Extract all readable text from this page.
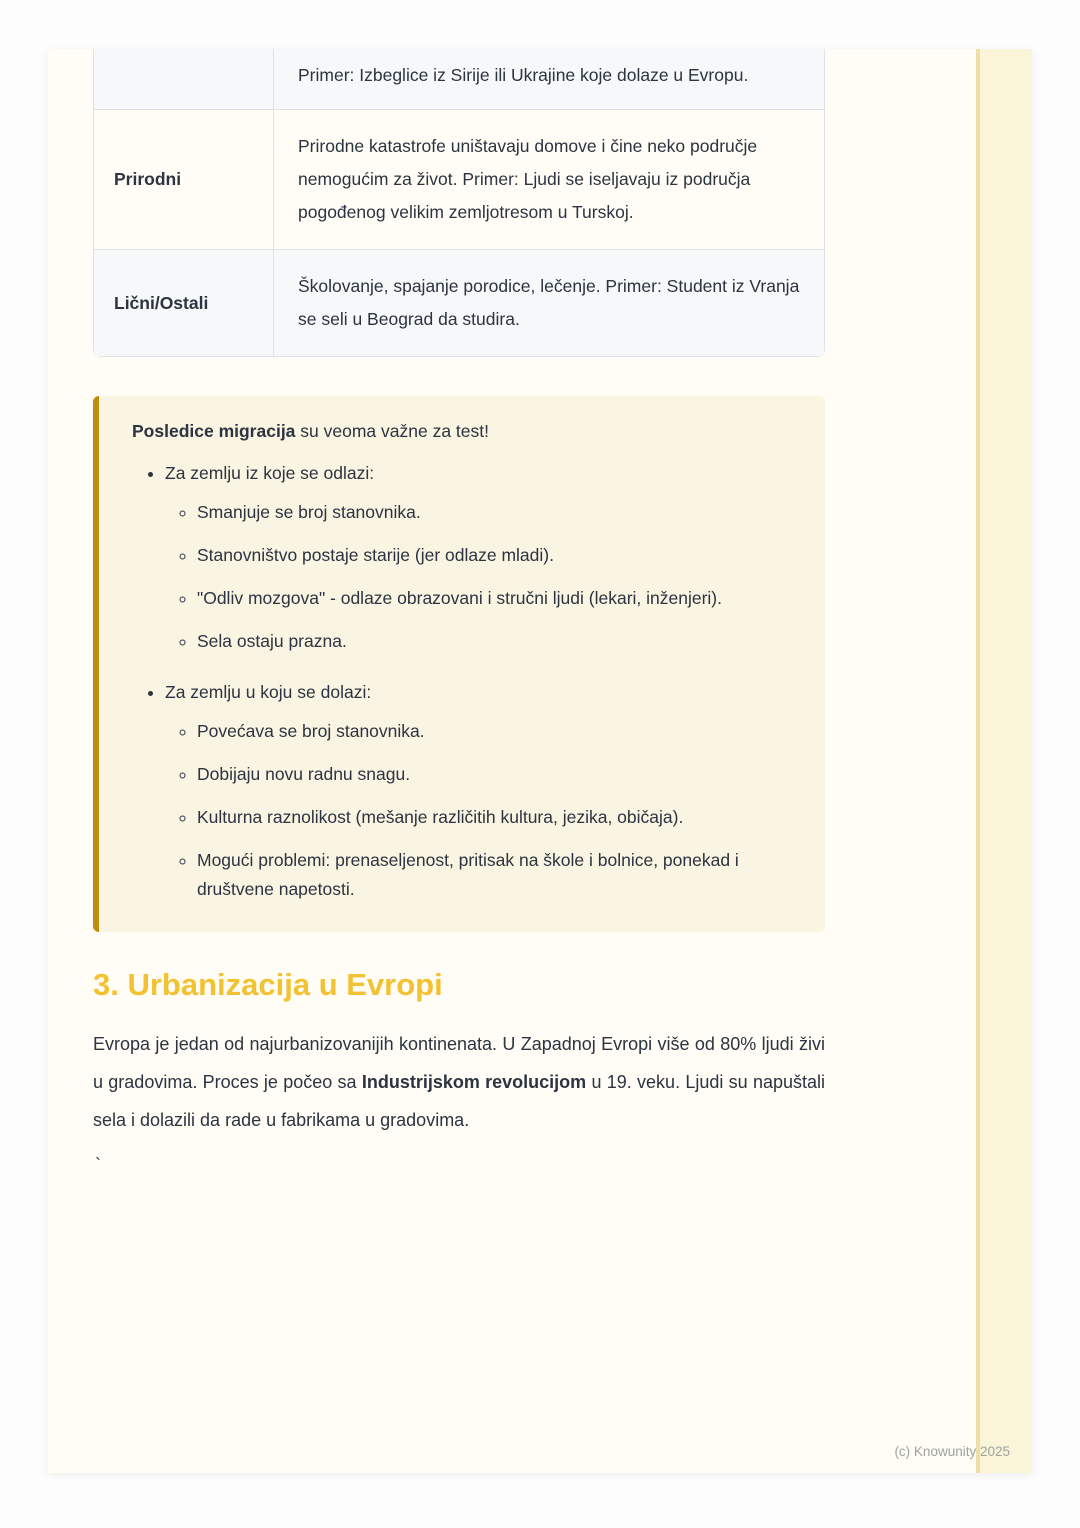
	Primer: Izbeglice iz Sirije ili Ukrajine koje dolaze u Evropu.
Prirodni	Prirodne katastrofe uništavaju domove i čine neko područje nemogućim za život. Primer: Ljudi se iseljavaju iz područja pogođenog velikim zemljotresom u Turskoj.
Lični/Ostali	Školovanje, spajanje porodice, lečenje. Primer: Student iz Vranja se seli u Beograd da studira.
Posledice migracija su veoma važne za test!
• Za zemlju iz koje se odlazi:
◦ Smanjuje se broj stanovnika.
◦ Stanovništvo postaje starije (jer odlaze mladi).
◦ "Odliv mozgova" - odlaze obrazovani i stručni ljudi (lekari, inženjeri).
◦ Sela ostaju prazna.
• Za zemlju u koju se dolazi:
◦ Povećava se broj stanovnika.
◦ Dobijaju novu radnu snagu.
◦ Kulturna raznolikost (mešanje različitih kultura, jezika, običaja).
◦ Mogući problemi: prenaseljenost, pritisak na škole i bolnice, ponekad i društvene napetosti.
3. Urbanizacija u Evropi

Evropa je jedan od najurbanizovanijih kontinenata. U Zapadnoj Evropi više od 80% ljudi živi u gradovima. Proces je počeo sa Industrijskom revolucijom u 19. veku. Ljudi su napuštali sela i dolazili da rade u fabrikama u gradovima.

`

(c) Knowunity 2025
